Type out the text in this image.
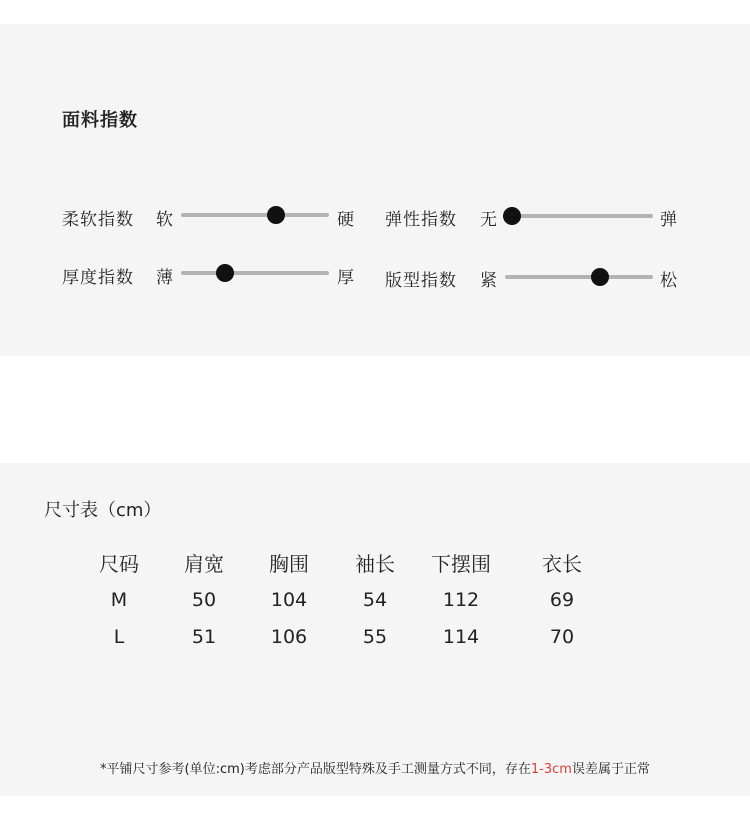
面料指数
柔软指数 软	硬 弹性指数 无	弹
厚度指数 薄	厚 版型指数 紧	松
尺寸表（cm）
尺码	肩宽	胸围	袖长	下摆围	衣长
M	50	104	54	112	69
L	51	106	55	114	70
*平铺尺寸参考(单位:cm)考虑部分产品版型特殊及手工测量方式不同，存在1-3cm误差属于正常
